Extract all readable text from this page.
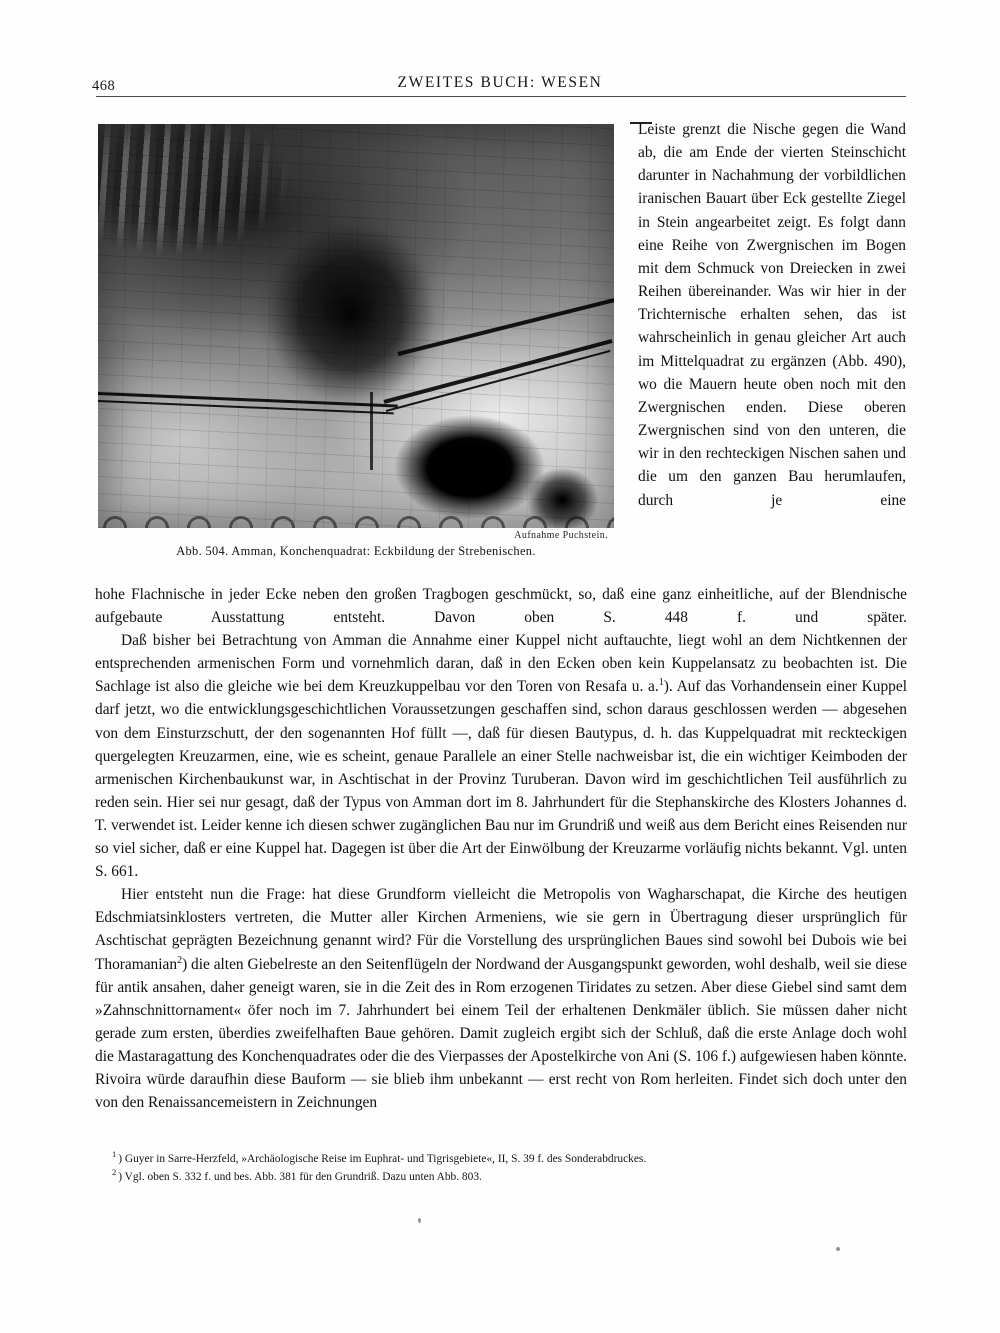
468	ZWEITES BUCH: WESEN
Aufnahme Puchstein.
Abb. 504. Amman, Konchenquadrat: Eckbildung der Strebenischen.

Leiste grenzt die Nische gegen die Wand ab, die am Ende der vierten Steinschicht darunter in Nachahmung der vorbildlichen iranischen Bauart über Eck gestellte Ziegel in Stein angearbeitet zeigt. Es folgt dann eine Reihe von Zwergnischen im Bogen mit dem Schmuck von Dreiecken in zwei Reihen übereinander. Was wir hier in der Trichternische erhalten sehen, das ist wahrscheinlich in genau gleicher Art auch im Mittelquadrat zu ergänzen (Abb. 490), wo die Mauern heute oben noch mit den Zwergnischen enden. Diese oberen Zwergnischen sind von den unteren, die wir in den rechteckigen Nischen sahen und die um den ganzen Bau herumlaufen, durch je eine

hohe Flachnische in jeder Ecke neben den großen Tragbogen geschmückt, so, daß eine ganz einheitliche, auf der Blendnische aufgebaute Ausstattung entsteht. Davon oben S. 448 f. und später.

Daß bisher bei Betrachtung von Amman die Annahme einer Kuppel nicht auftauchte, liegt wohl an dem Nichtkennen der entsprechenden armenischen Form und vornehmlich daran, daß in den Ecken oben kein Kuppelansatz zu beobachten ist. Die Sachlage ist also die gleiche wie bei dem Kreuzkuppelbau vor den Toren von Resafa u. a.$^1$). Auf das Vorhandensein einer Kuppel darf jetzt, wo die entwicklungsgeschichtlichen Voraussetzungen geschaffen sind, schon daraus geschlossen werden — abgesehen von dem Einsturzschutt, der den sogenannten Hof füllt —, daß für diesen Bautypus, d. h. das Kuppelquadrat mit reckteckigen quergelegten Kreuzarmen, eine, wie es scheint, genaue Parallele an einer Stelle nachweisbar ist, die ein wichtiger Keimboden der armenischen Kirchenbaukunst war, in Aschtischat in der Provinz Turuberan. Davon wird im geschichtlichen Teil ausführlich zu reden sein. Hier sei nur gesagt, daß der Typus von Amman dort im 8. Jahrhundert für die Stephanskirche des Klosters Johannes d. T. verwendet ist. Leider kenne ich diesen schwer zugänglichen Bau nur im Grundriß und weiß aus dem Bericht eines Reisenden nur so viel sicher, daß er eine Kuppel hat. Dagegen ist über die Art der Einwölbung der Kreuzarme vorläufig nichts bekannt. Vgl. unten S. 661.

Hier entsteht nun die Frage: hat diese Grundform vielleicht die Metropolis von Wagharschapat, die Kirche des heutigen Edschmiatsinklosters vertreten, die Mutter aller Kirchen Armeniens, wie sie gern in Übertragung dieser ursprünglich für Aschtischat geprägten Bezeichnung genannt wird? Für die Vorstellung des ursprünglichen Baues sind sowohl bei Dubois wie bei Thoramanian$^2$) die alten Giebelreste an den Seitenflügeln der Nordwand der Ausgangspunkt geworden, wohl deshalb, weil sie diese für antik ansahen, daher geneigt waren, sie in die Zeit des in Rom erzogenen Tiridates zu setzen. Aber diese Giebel sind samt dem »Zahnschnittornament« öfer noch im 7. Jahrhundert bei einem Teil der erhaltenen Denkmäler üblich. Sie müssen daher nicht gerade zum ersten, überdies zweifelhaften Baue gehören. Damit zugleich ergibt sich der Schluß, daß die erste Anlage doch wohl die Mastaragattung des Konchenquadrates oder die des Vierpasses der Apostelkirche von Ani (S. 106 f.) aufgewiesen haben könnte. Rivoira würde daraufhin diese Bauform — sie blieb ihm unbekannt — erst recht von Rom herleiten. Findet sich doch unter den von den Renaissancemeistern in Zeichnungen

$^1$ ) Guyer in Sarre-Herzfeld, »Archäologische Reise im Euphrat- und Tigrisgebiete«, II, S. 39 f. des Sonderabdruckes.

$^2$ ) Vgl. oben S. 332 f. und bes. Abb. 381 für den Grundriß. Dazu unten Abb. 803.
